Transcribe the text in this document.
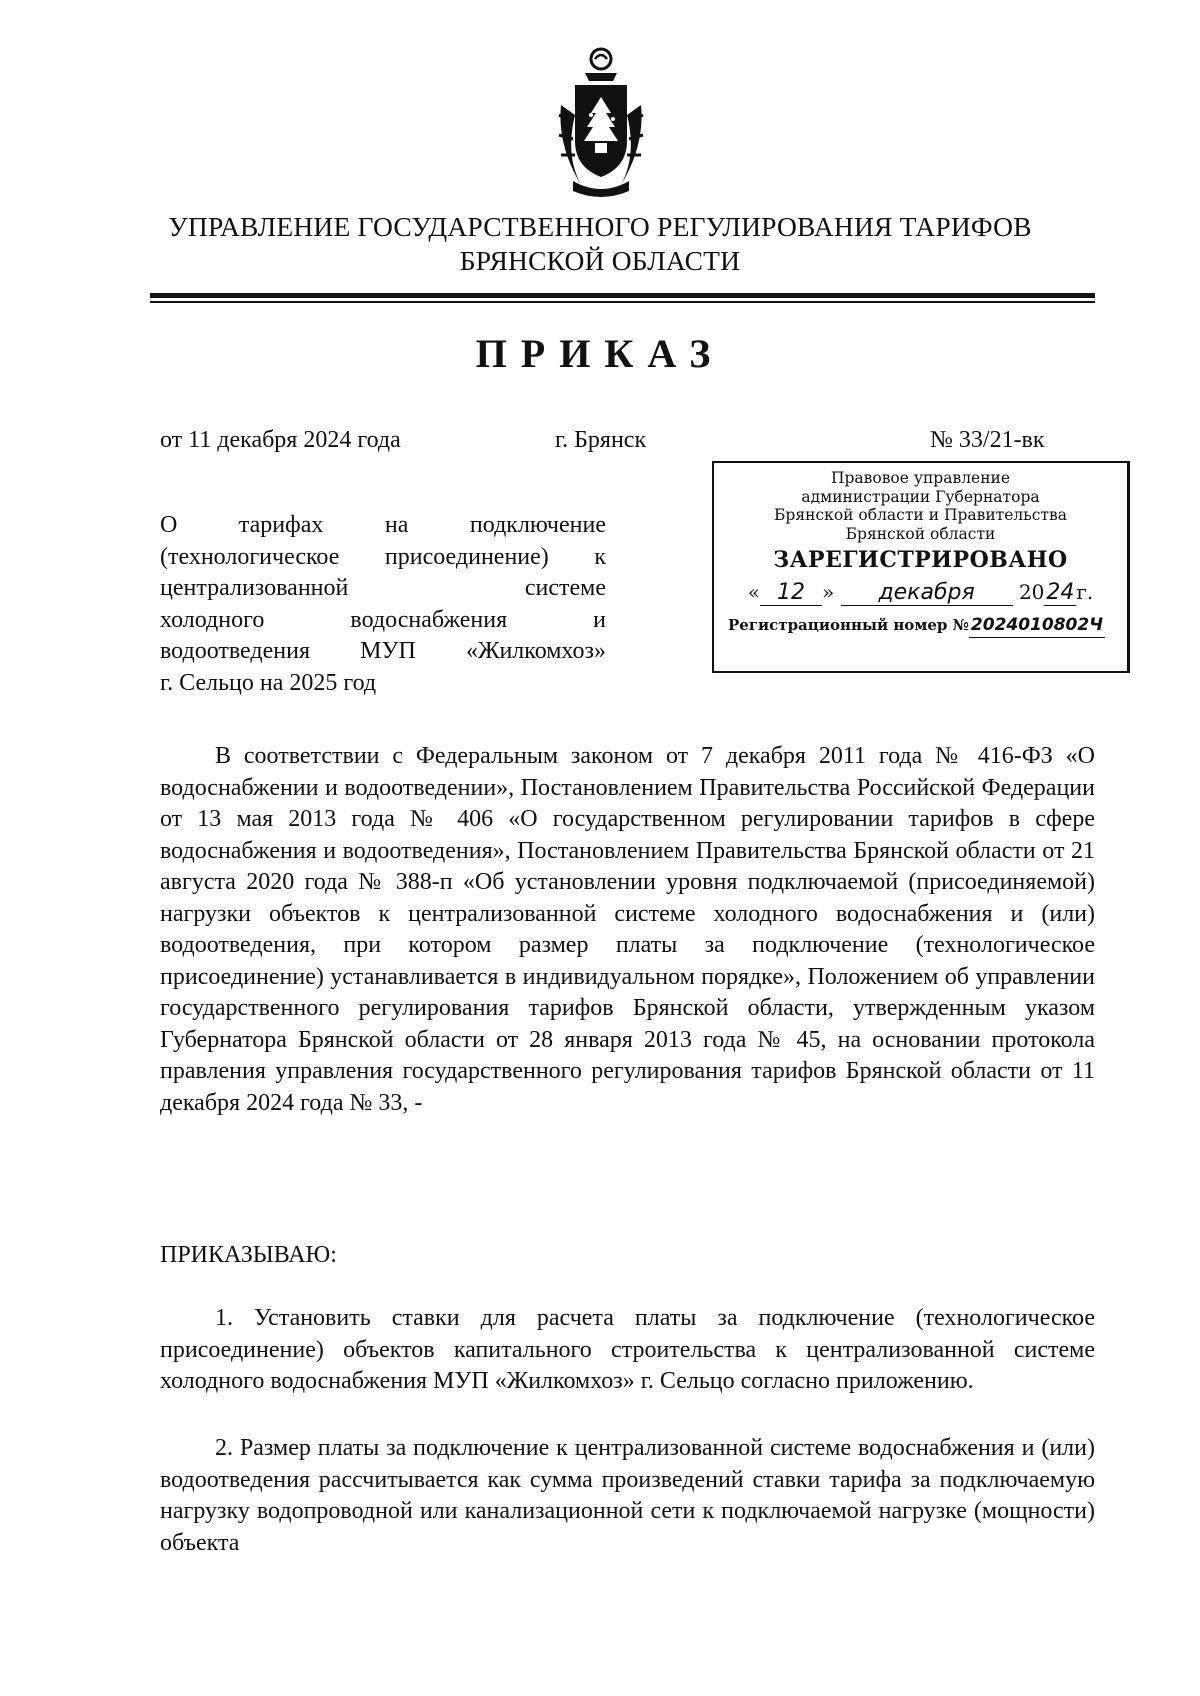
УПРАВЛЕНИЕ ГОСУДАРСТВЕННОГО РЕГУЛИРОВАНИЯ ТАРИФОВ
БРЯНСКОЙ ОБЛАСТИ
ПРИКАЗ
от 11 декабря 2024 года	г. Брянск	№ 33/21-вк
Правовое управление
администрации Губернатора
Брянской области и Правительства
Брянской области
ЗАРЕГИСТРИРОВАНО
« 12 » декабря 2024 г.
Регистрационный номер № 2024010802Ч
О тарифах на подключение
(технологическое присоединение) к
централизованной системе
холодного водоснабжения и
водоотведения МУП «Жилкомхоз»
г. Сельцо на 2025 год
В соответствии с Федеральным законом от 7 декабря 2011 года № 416-ФЗ «О водоснабжении и водоотведении», Постановлением Правительства Российской Федерации от 13 мая 2013 года № 406 «О государственном регулировании тарифов в сфере водоснабжения и водоотведения», Постановлением Правительства Брянской области от 21 августа 2020 года № 388-п «Об установлении уровня подключаемой (присоединяемой) нагрузки объектов к централизованной системе холодного водоснабжения и (или) водоотведения, при котором размер платы за подключение (технологическое присоединение) устанавливается в индивидуальном порядке», Положением об управлении государственного регулирования тарифов Брянской области, утвержденным указом Губернатора Брянской области от 28 января 2013 года № 45, на основании протокола правления управления государственного регулирования тарифов Брянской области от 11 декабря 2024 года № 33, -
ПРИКАЗЫВАЮ:
1. Установить ставки для расчета платы за подключение (технологическое присоединение) объектов капитального строительства к централизованной системе холодного водоснабжения МУП «Жилкомхоз» г. Сельцо согласно приложению.
2. Размер платы за подключение к централизованной системе водоснабжения и (или) водоотведения рассчитывается как сумма произведений ставки тарифа за подключаемую нагрузку водопроводной или канализационной сети к подключаемой нагрузке (мощности) объекта
